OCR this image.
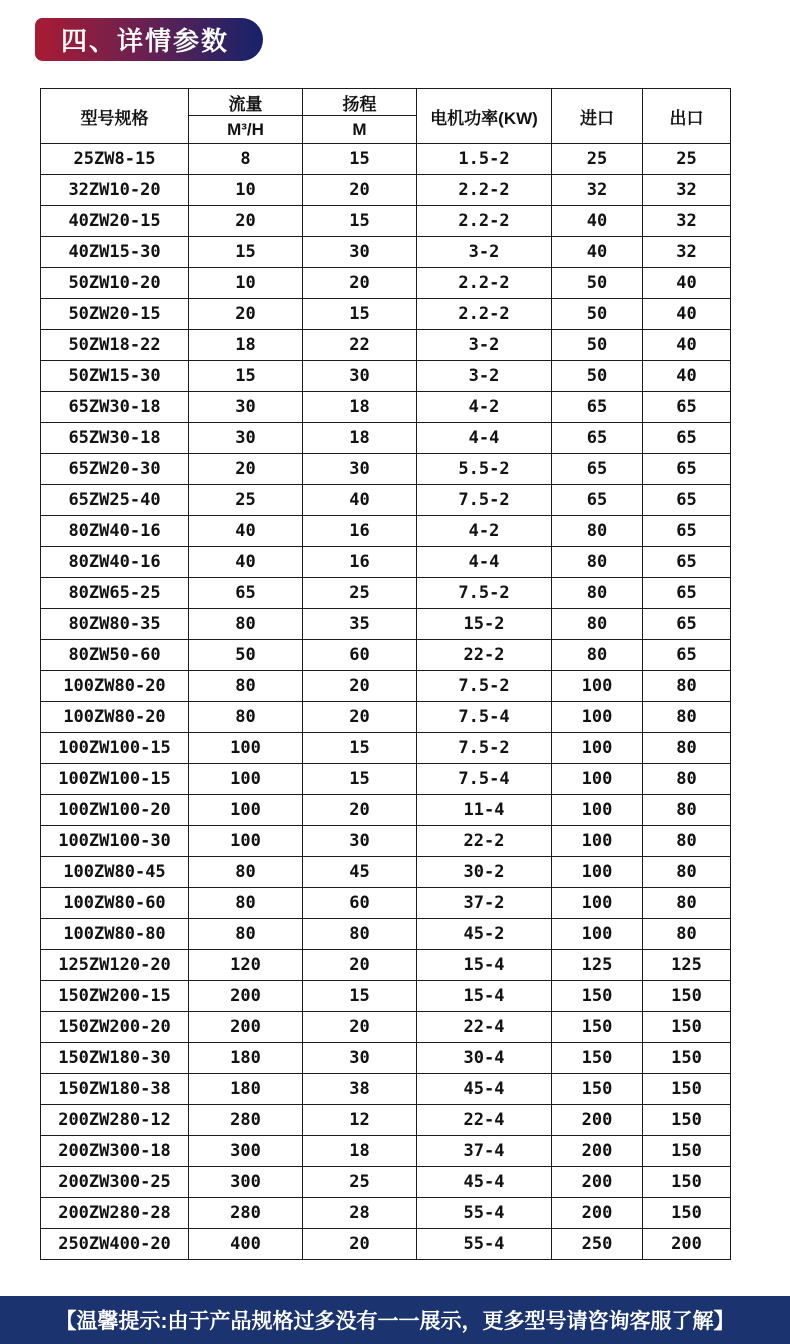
四、详情参数
型号规格	流量	扬程	电机功率(KW)	进口	出口
	M³/H	M			
25ZW8-15	8	15	1.5-2	25	25
32ZW10-20	10	20	2.2-2	32	32
40ZW20-15	20	15	2.2-2	40	32
40ZW15-30	15	30	3-2	40	32
50ZW10-20	10	20	2.2-2	50	40
50ZW20-15	20	15	2.2-2	50	40
50ZW18-22	18	22	3-2	50	40
50ZW15-30	15	30	3-2	50	40
65ZW30-18	30	18	4-2	65	65
65ZW30-18	30	18	4-4	65	65
65ZW20-30	20	30	5.5-2	65	65
65ZW25-40	25	40	7.5-2	65	65
80ZW40-16	40	16	4-2	80	65
80ZW40-16	40	16	4-4	80	65
80ZW65-25	65	25	7.5-2	80	65
80ZW80-35	80	35	15-2	80	65
80ZW50-60	50	60	22-2	80	65
100ZW80-20	80	20	7.5-2	100	80
100ZW80-20	80	20	7.5-4	100	80
100ZW100-15	100	15	7.5-2	100	80
100ZW100-15	100	15	7.5-4	100	80
100ZW100-20	100	20	11-4	100	80
100ZW100-30	100	30	22-2	100	80
100ZW80-45	80	45	30-2	100	80
100ZW80-60	80	60	37-2	100	80
100ZW80-80	80	80	45-2	100	80
125ZW120-20	120	20	15-4	125	125
150ZW200-15	200	15	15-4	150	150
150ZW200-20	200	20	22-4	150	150
150ZW180-30	180	30	30-4	150	150
150ZW180-38	180	38	45-4	150	150
200ZW280-12	280	12	22-4	200	150
200ZW300-18	300	18	37-4	200	150
200ZW300-25	300	25	45-4	200	150
200ZW280-28	280	28	55-4	200	150
250ZW400-20	400	20	55-4	250	200
【温馨提示:由于产品规格过多没有一一展示，更多型号请咨询客服了解】
